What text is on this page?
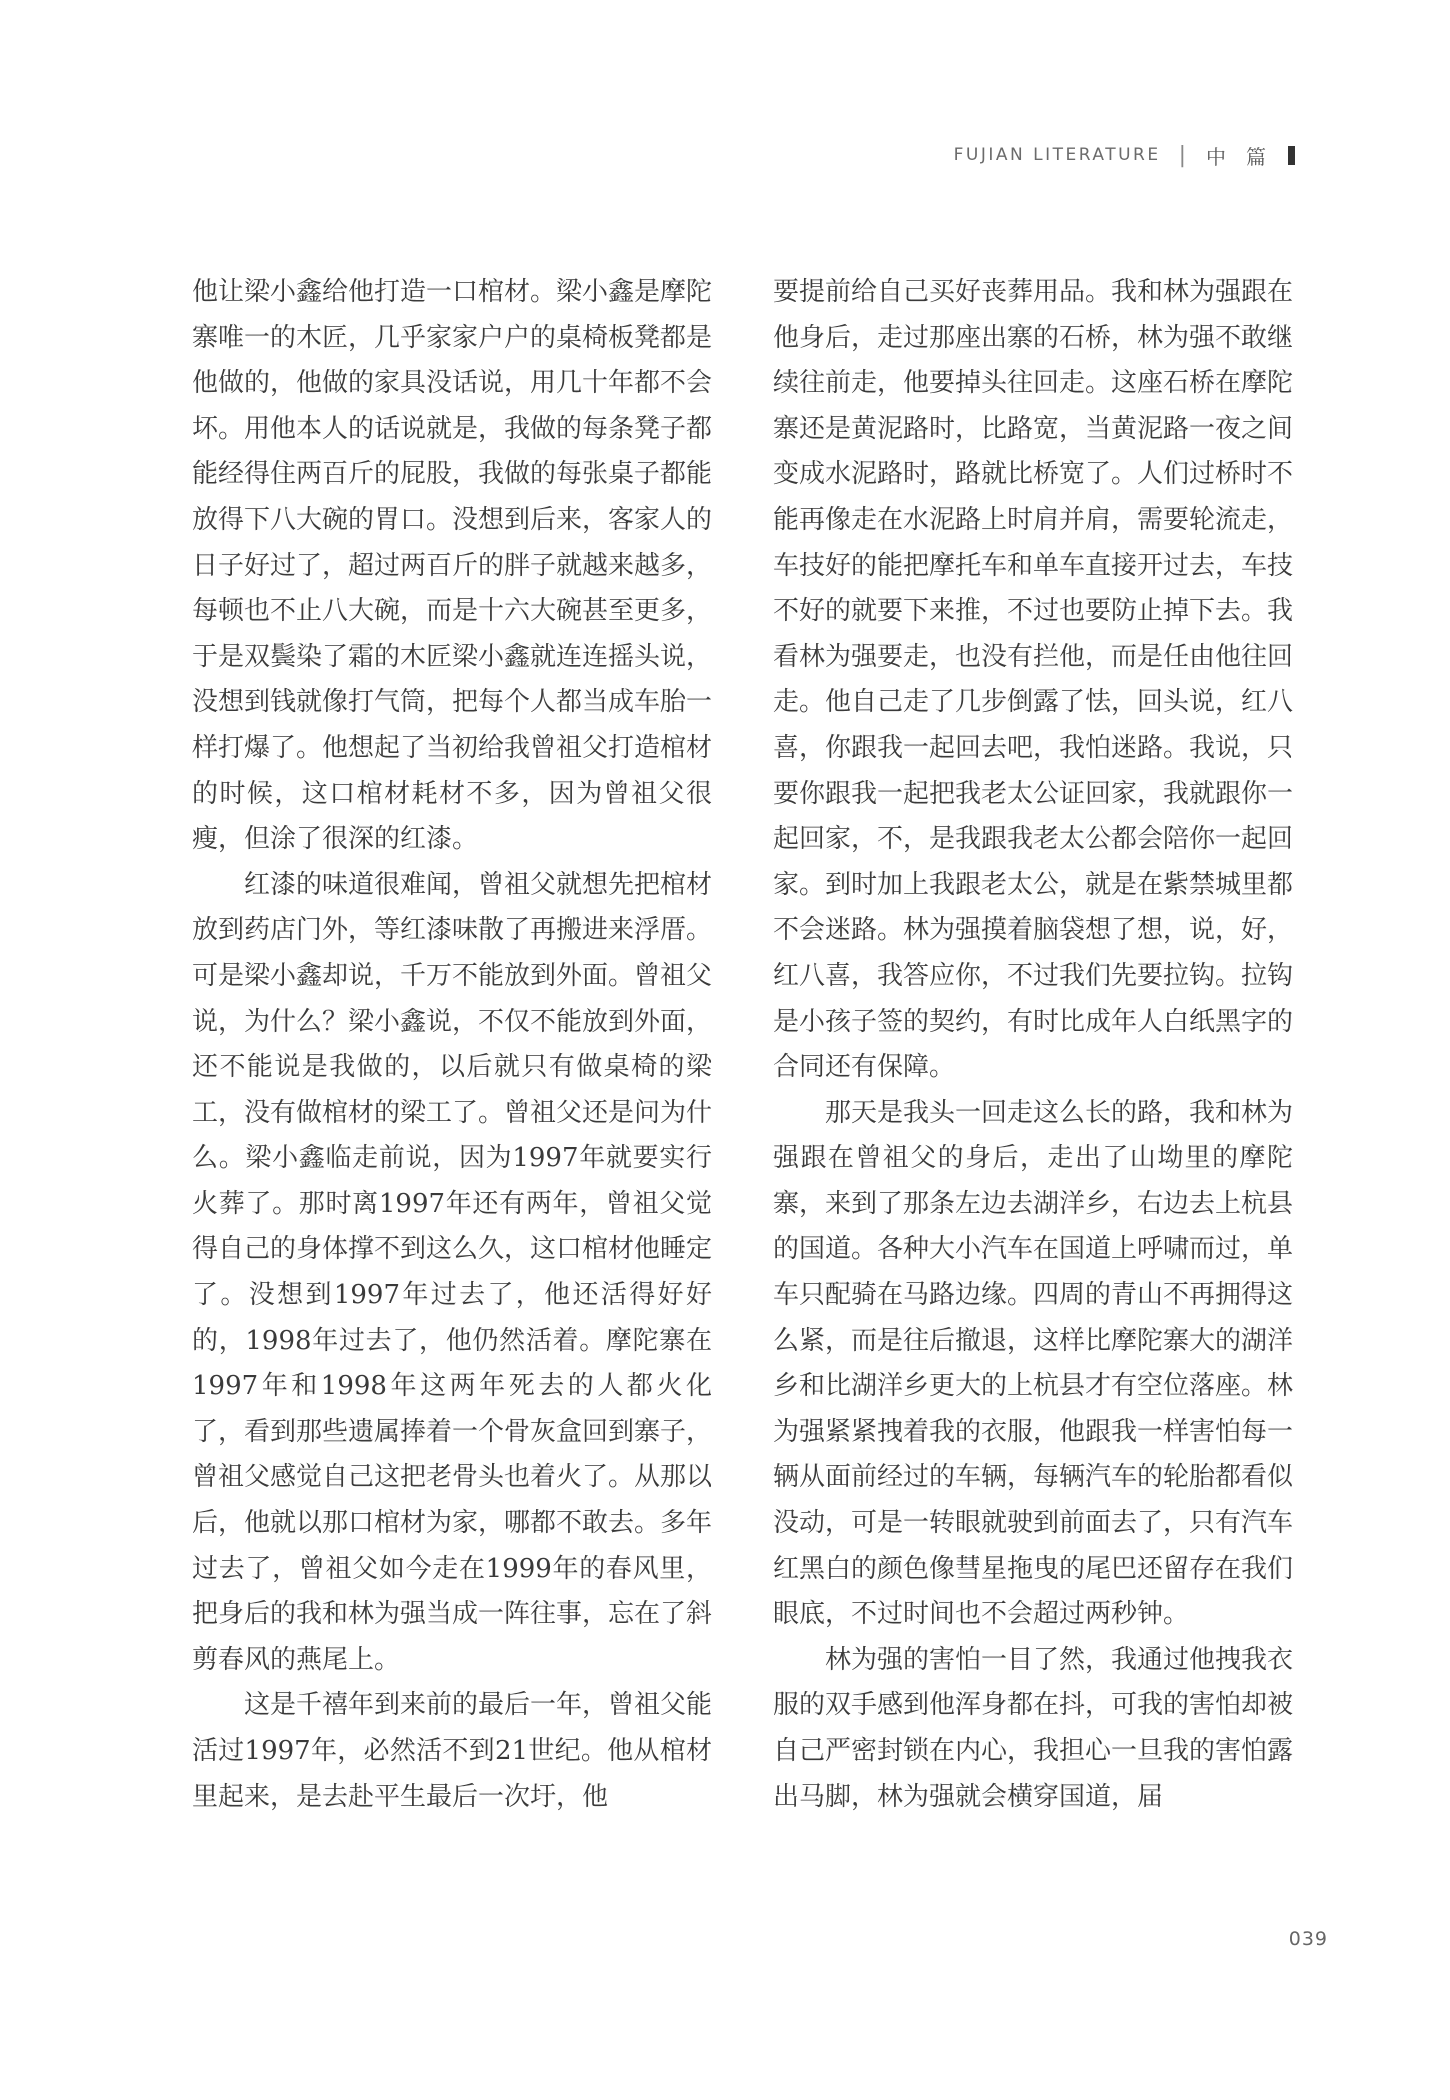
FUJIAN LITERATURE | 中篇

他让梁小鑫给他打造一口棺材。梁小鑫是摩陀寨唯一的木匠，几乎家家户户的桌椅板凳都是他做的，他做的家具没话说，用几十年都不会坏。用他本人的话说就是，我做的每条凳子都能经得住两百斤的屁股，我做的每张桌子都能放得下八大碗的胃口。没想到后来，客家人的日子好过了，超过两百斤的胖子就越来越多，每顿也不止八大碗，而是十六大碗甚至更多，于是双鬓染了霜的木匠梁小鑫就连连摇头说，没想到钱就像打气筒，把每个人都当成车胎一样打爆了。他想起了当初给我曾祖父打造棺材的时候，这口棺材耗材不多，因为曾祖父很瘦，但涂了很深的红漆。

红漆的味道很难闻，曾祖父就想先把棺材放到药店门外，等红漆味散了再搬进来浮厝。可是梁小鑫却说，千万不能放到外面。曾祖父说，为什么？梁小鑫说，不仅不能放到外面，还不能说是我做的，以后就只有做桌椅的梁工，没有做棺材的梁工了。曾祖父还是问为什么。梁小鑫临走前说，因为1997年就要实行火葬了。那时离1997年还有两年，曾祖父觉得自己的身体撑不到这么久，这口棺材他睡定了。没想到1997年过去了，他还活得好好的，1998年过去了，他仍然活着。摩陀寨在1997年和1998年这两年死去的人都火化了，看到那些遗属捧着一个骨灰盒回到寨子，曾祖父感觉自己这把老骨头也着火了。从那以后，他就以那口棺材为家，哪都不敢去。多年过去了，曾祖父如今走在1999年的春风里，把身后的我和林为强当成一阵往事，忘在了斜剪春风的燕尾上。

这是千禧年到来前的最后一年，曾祖父能活过1997年，必然活不到21世纪。他从棺材里起来，是去赴平生最后一次圩，他

要提前给自己买好丧葬用品。我和林为强跟在他身后，走过那座出寨的石桥，林为强不敢继续往前走，他要掉头往回走。这座石桥在摩陀寨还是黄泥路时，比路宽，当黄泥路一夜之间变成水泥路时，路就比桥宽了。人们过桥时不能再像走在水泥路上时肩并肩，需要轮流走，车技好的能把摩托车和单车直接开过去，车技不好的就要下来推，不过也要防止掉下去。我看林为强要走，也没有拦他，而是任由他往回走。他自己走了几步倒露了怯，回头说，红八喜，你跟我一起回去吧，我怕迷路。我说，只要你跟我一起把我老太公证回家，我就跟你一起回家，不，是我跟我老太公都会陪你一起回家。到时加上我跟老太公，就是在紫禁城里都不会迷路。林为强摸着脑袋想了想，说，好，红八喜，我答应你，不过我们先要拉钩。拉钩是小孩子签的契约，有时比成年人白纸黑字的合同还有保障。

那天是我头一回走这么长的路，我和林为强跟在曾祖父的身后，走出了山坳里的摩陀寨，来到了那条左边去湖洋乡，右边去上杭县的国道。各种大小汽车在国道上呼啸而过，单车只配骑在马路边缘。四周的青山不再拥得这么紧，而是往后撤退，这样比摩陀寨大的湖洋乡和比湖洋乡更大的上杭县才有空位落座。林为强紧紧拽着我的衣服，他跟我一样害怕每一辆从面前经过的车辆，每辆汽车的轮胎都看似没动，可是一转眼就驶到前面去了，只有汽车红黑白的颜色像彗星拖曳的尾巴还留存在我们眼底，不过时间也不会超过两秒钟。

林为强的害怕一目了然，我通过他拽我衣服的双手感到他浑身都在抖，可我的害怕却被自己严密封锁在内心，我担心一旦我的害怕露出马脚，林为强就会横穿国道，届

039
